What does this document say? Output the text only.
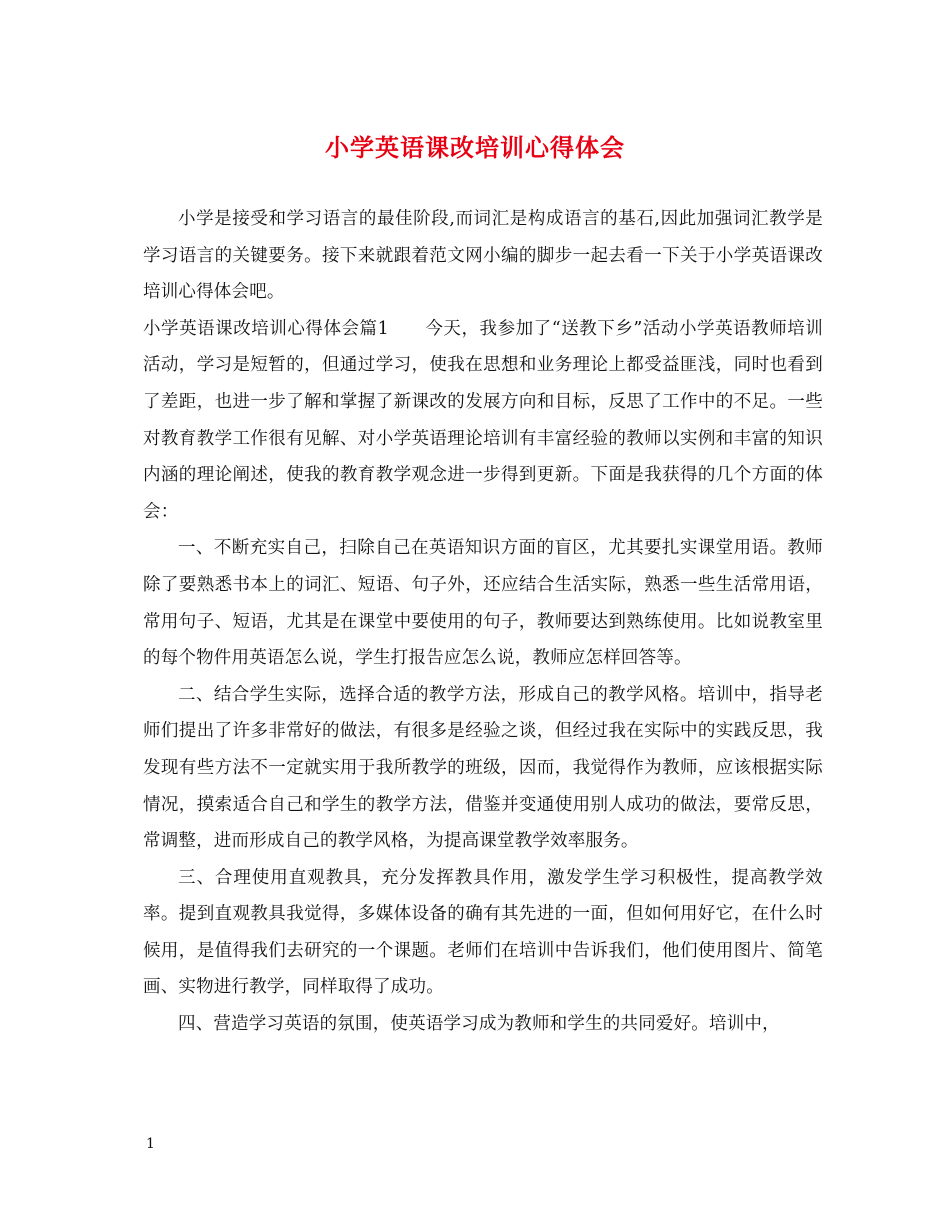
小学英语课改培训心得体会

小学是接受和学习语言的最佳阶段,而词汇是构成语言的基石,因此加强词汇教学是学习语言的关键要务。接下来就跟着范文网小编的脚步一起去看一下关于小学英语课改培训心得体会吧。

小学英语课改培训心得体会篇1　　今天，我参加了“送教下乡”活动小学英语教师培训活动，学习是短暂的，但通过学习，使我在思想和业务理论上都受益匪浅，同时也看到了差距，也进一步了解和掌握了新课改的发展方向和目标，反思了工作中的不足。一些对教育教学工作很有见解、对小学英语理论培训有丰富经验的教师以实例和丰富的知识内涵的理论阐述，使我的教育教学观念进一步得到更新。下面是我获得的几个方面的体会：

一、不断充实自己，扫除自己在英语知识方面的盲区，尤其要扎实课堂用语。教师除了要熟悉书本上的词汇、短语、句子外，还应结合生活实际，熟悉一些生活常用语，常用句子、短语，尤其是在课堂中要使用的句子，教师要达到熟练使用。比如说教室里的每个物件用英语怎么说，学生打报告应怎么说，教师应怎样回答等。

二、结合学生实际，选择合适的教学方法，形成自己的教学风格。培训中，指导老师们提出了许多非常好的做法，有很多是经验之谈，但经过我在实际中的实践反思，我发现有些方法不一定就实用于我所教学的班级，因而，我觉得作为教师，应该根据实际情况，摸索适合自己和学生的教学方法，借鉴并变通使用别人成功的做法，要常反思，常调整，进而形成自己的教学风格，为提高课堂教学效率服务。

三、合理使用直观教具，充分发挥教具作用，激发学生学习积极性，提高教学效率。提到直观教具我觉得，多媒体设备的确有其先进的一面，但如何用好它，在什么时候用，是值得我们去研究的一个课题。老师们在培训中告诉我们，他们使用图片、简笔画、实物进行教学，同样取得了成功。

四、营造学习英语的氛围，使英语学习成为教师和学生的共同爱好。培训中，

1
